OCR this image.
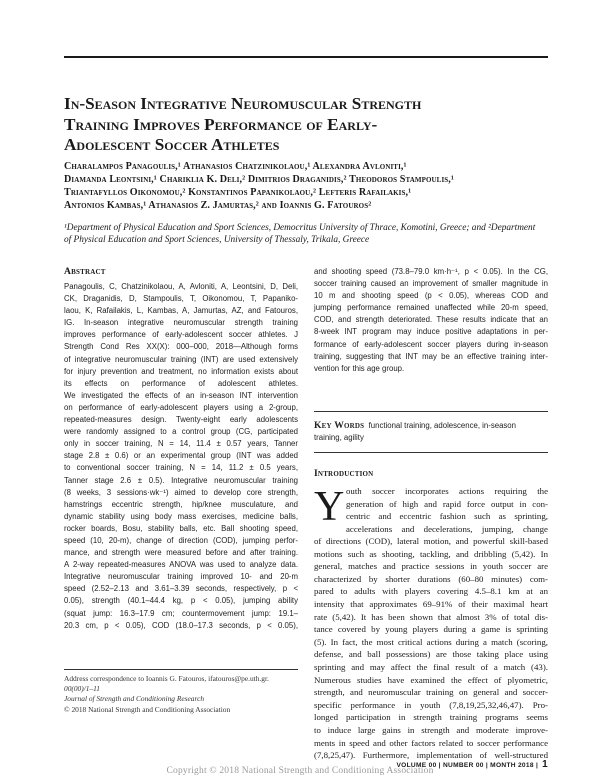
In-Season Integrative Neuromuscular Strength
Training Improves Performance of Early-
Adolescent Soccer Athletes
Charalampos Panagoulis,¹ Athanasios Chatzinikolaou,¹ Alexandra Avloniti,¹
Diamanda Leontsini,¹ Chariklia K. Deli,² Dimitrios Draganidis,² Theodoros Stampoulis,¹
Triantafyllos Oikonomou,² Konstantinos Papanikolaou,² Lefteris Rafailakis,¹
Antonios Kambas,¹ Athanasios Z. Jamurtas,² and Ioannis G. Fatouros²
¹Department of Physical Education and Sport Sciences, Democritus University of Thrace, Komotini, Greece; and ²Department
of Physical Education and Sport Sciences, University of Thessaly, Trikala, Greece
Abstract
Panagoulis, C, Chatzinikolaou, A, Avloniti, A, Leontsini, D, Deli,
CK, Draganidis, D, Stampoulis, T, Oikonomou, T, Papaniko-
laou, K, Rafailakis, L, Kambas, A, Jamurtas, AZ, and Fatouros,
IG. In-season integrative neuromuscular strength training
improves performance of early-adolescent soccer athletes. J
Strength Cond Res XX(X): 000–000, 2018—Although forms
of integrative neuromuscular training (INT) are used extensively
for injury prevention and treatment, no information exists about
its effects on performance of adolescent athletes.
We investigated the effects of an in-season INT intervention
on performance of early-adolescent players using a 2-group,
repeated-measures design. Twenty-eight early adolescents
were randomly assigned to a control group (CG, participated
only in soccer training, N = 14, 11.4 ± 0.57 years, Tanner
stage 2.8 ± 0.6) or an experimental group (INT was added
to conventional soccer training, N = 14, 11.2 ± 0.5 years,
Tanner stage 2.6 ± 0.5). Integrative neuromuscular training
(8 weeks, 3 sessions·wk⁻¹) aimed to develop core strength,
hamstrings eccentric strength, hip/knee musculature, and
dynamic stability using body mass exercises, medicine balls,
rocker boards, Bosu, stability balls, etc. Ball shooting speed,
speed (10, 20-m), change of direction (COD), jumping perfor-
mance, and strength were measured before and after training.
A 2-way repeated-measures ANOVA was used to analyze data.
Integrative neuromuscular training improved 10- and 20-m
speed (2.52–2.13 and 3.61–3.39 seconds, respectively, p <
0.05), strength (40.1–44.4 kg, p < 0.05), jumping ability
(squat jump: 16.3–17.9 cm; countermovement jump: 19.1–
20.3 cm, p < 0.05), COD (18.0–17.3 seconds, p < 0.05),
and shooting speed (73.8–79.0 km·h⁻¹, p < 0.05). In the CG,
soccer training caused an improvement of smaller magnitude in
10 m and shooting speed (p < 0.05), whereas COD and
jumping performance remained unaffected while 20-m speed,
COD, and strength deteriorated. These results indicate that an
8-week INT program may induce positive adaptations in per-
formance of early-adolescent soccer players during in-season
training, suggesting that INT may be an effective training inter-
vention for this age group.
Key Words functional training, adolescence, in-season
training, agility
Introduction
Y outh soccer incorporates actions requiring the
generation of high and rapid force output in con-
centric and eccentric fashion such as sprinting,
accelerations and decelerations, jumping, change
of directions (COD), lateral motion, and powerful skill-based
motions such as shooting, tackling, and dribbling (5,42). In
general, matches and practice sessions in youth soccer are
characterized by shorter durations (60–80 minutes) com-
pared to adults with players covering 4.5–8.1 km at an
intensity that approximates 69–91% of their maximal heart
rate (5,42). It has been shown that almost 3% of total dis-
tance covered by young players during a game is sprinting
(5). In fact, the most critical actions during a match (scoring,
defense, and ball possessions) are those taking place using
sprinting and may affect the final result of a match (43).
Numerous studies have examined the effect of plyometric,
strength, and neuromuscular training on general and soccer-
specific performance in youth (7,8,19,25,32,46,47). Pro-
longed participation in strength training programs seems
to induce large gains in strength and moderate improve-
ments in speed and other factors related to soccer performance
(7,8,25,47). Furthermore, implementation of well-structured
Address correspondence to Ioannis G. Fatouros, ifatouros@pe.uth.gr.
00(00)/1–11
Journal of Strength and Conditioning Research
© 2018 National Strength and Conditioning Association
VOLUME 00 | NUMBER 00 | MONTH 2018 | 1
Copyright © 2018 National Strength and Conditioning Association
